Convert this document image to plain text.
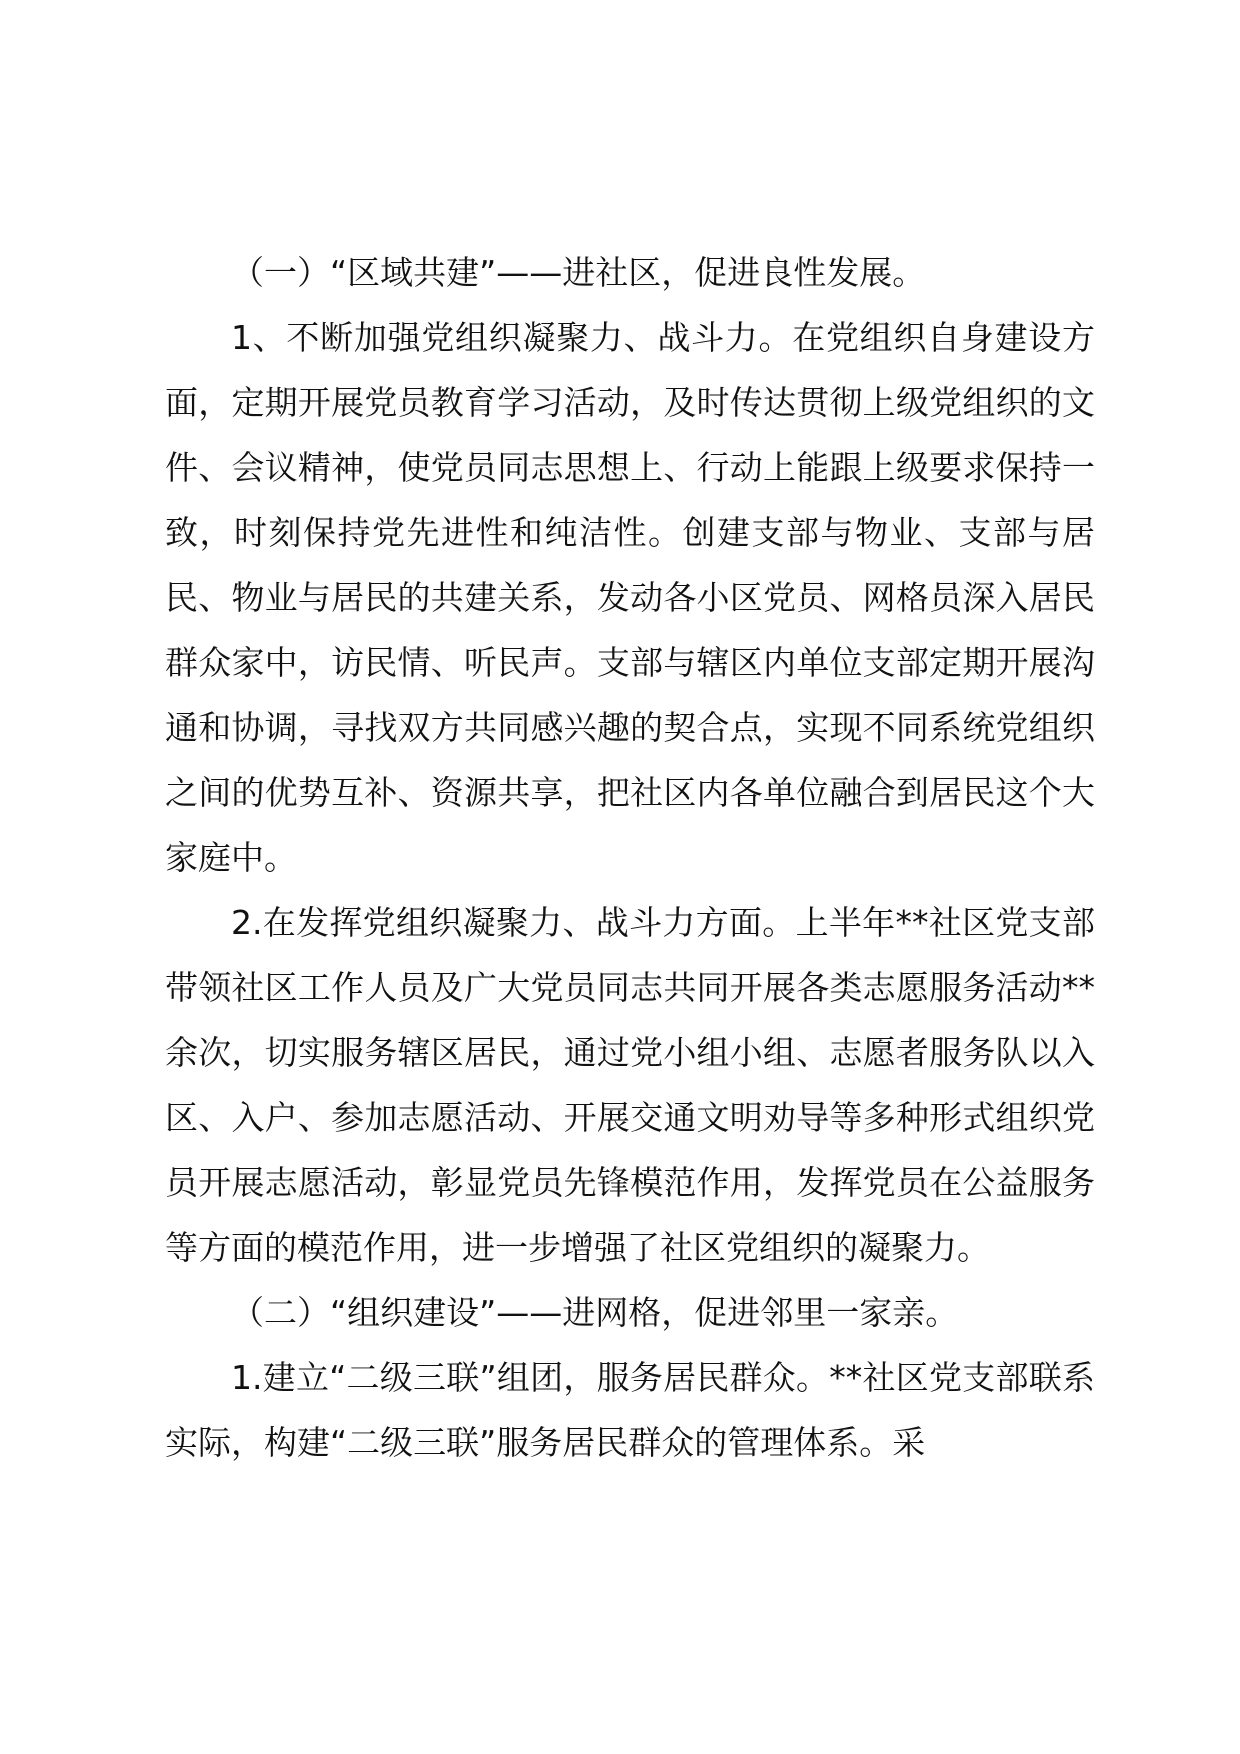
（一）“区域共建”——进社区，促进良性发展。

1、不断加强党组织凝聚力、战斗力。在党组织自身建设方面，定期开展党员教育学习活动，及时传达贯彻上级党组织的文件、会议精神，使党员同志思想上、行动上能跟上级要求保持一致，时刻保持党先进性和纯洁性。创建支部与物业、支部与居民、物业与居民的共建关系，发动各小区党员、网格员深入居民群众家中，访民情、听民声。支部与辖区内单位支部定期开展沟通和协调，寻找双方共同感兴趣的契合点，实现不同系统党组织之间的优势互补、资源共享，把社区内各单位融合到居民这个大家庭中。

2.在发挥党组织凝聚力、战斗力方面。上半年**社区党支部带领社区工作人员及广大党员同志共同开展各类志愿服务活动**余次，切实服务辖区居民，通过党小组小组、志愿者服务队以入区、入户、参加志愿活动、开展交通文明劝导等多种形式组织党员开展志愿活动，彰显党员先锋模范作用，发挥党员在公益服务等方面的模范作用，进一步增强了社区党组织的凝聚力。

（二）“组织建设”——进网格，促进邻里一家亲。

1.建立“二级三联”组团，服务居民群众。**社区党支部联系实际，构建“二级三联”服务居民群众的管理体系。采
